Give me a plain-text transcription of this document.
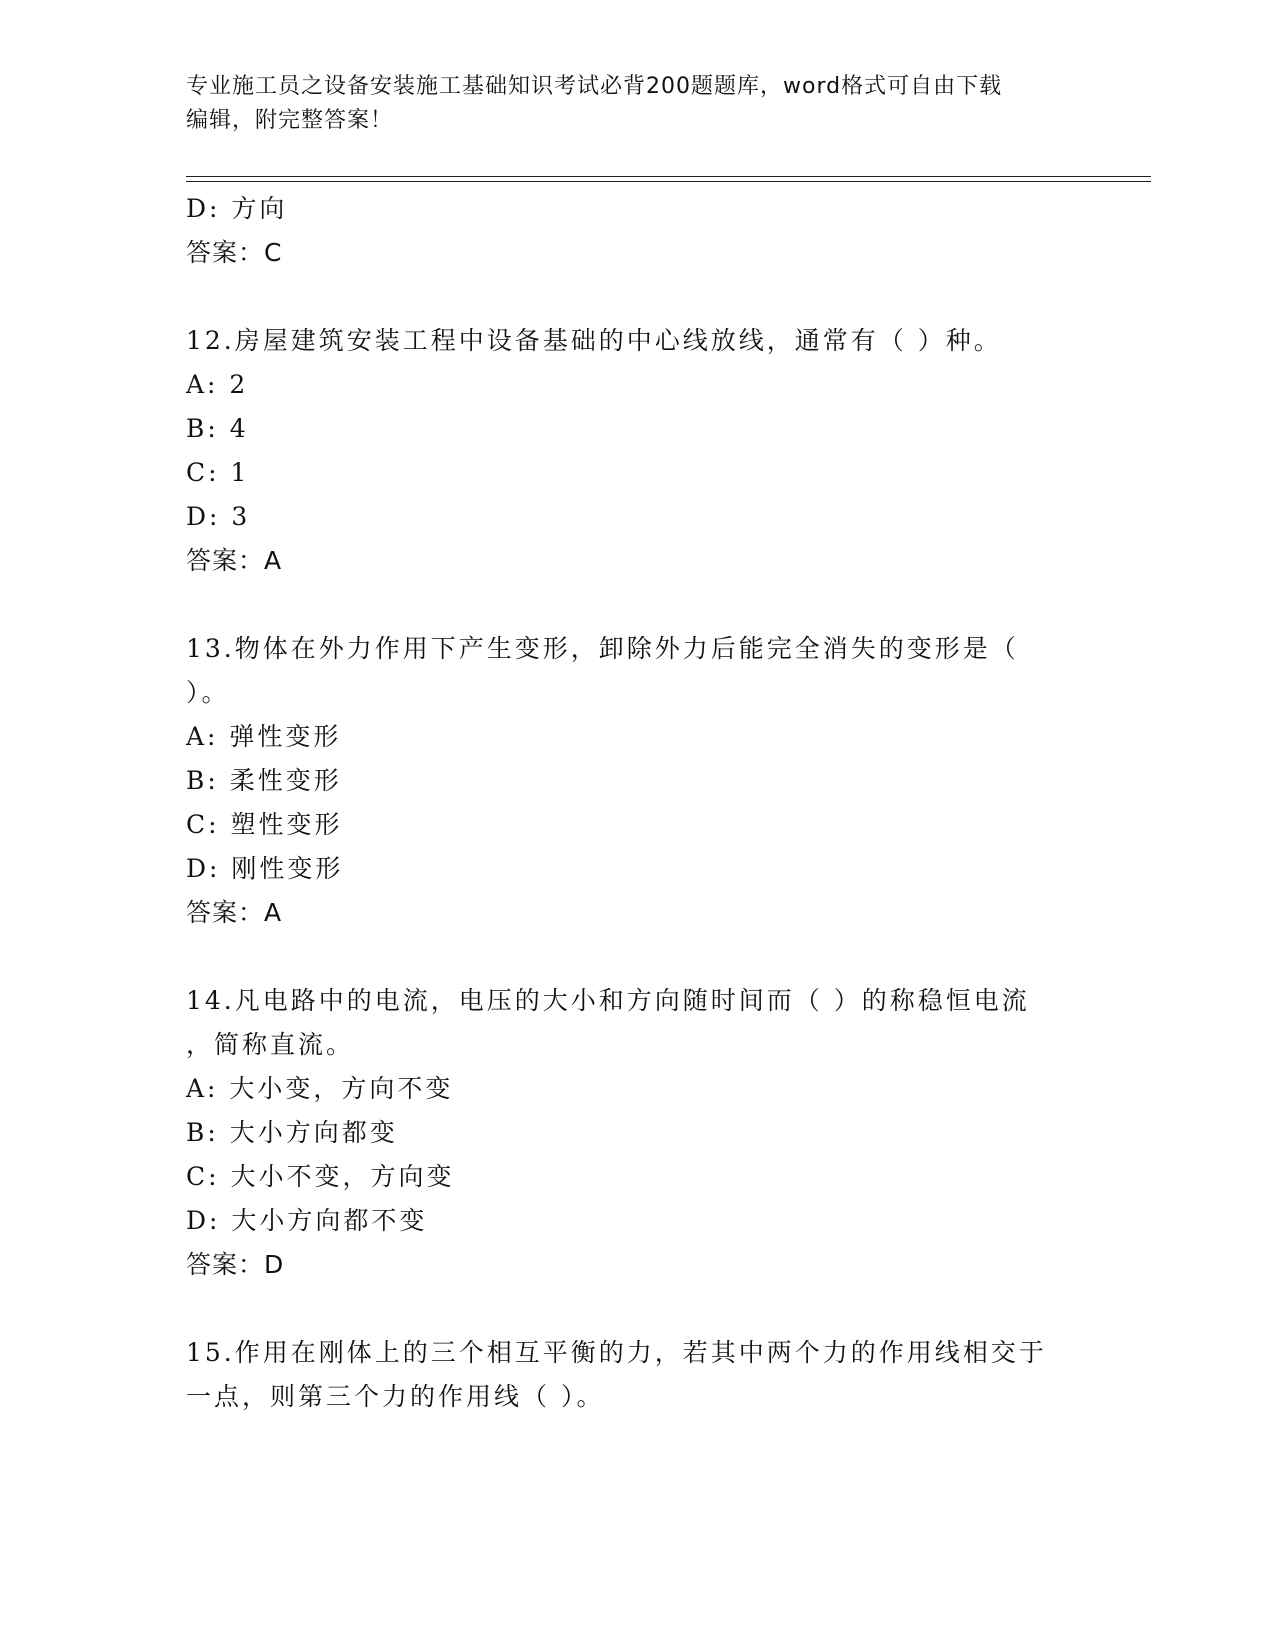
专业施工员之设备安装施工基础知识考试必背200题题库，word格式可自由下载
编辑，附完整答案！
D: 方向
答案：C
12.房屋建筑安装工程中设备基础的中心线放线，通常有（ ）种。
A: 2
B: 4
C: 1
D: 3
答案：A
13.物体在外力作用下产生变形，卸除外力后能完全消失的变形是（
）。
A: 弹性变形
B: 柔性变形
C: 塑性变形
D: 刚性变形
答案：A
14.凡电路中的电流，电压的大小和方向随时间而（ ）的称稳恒电流
，简称直流。
A: 大小变，方向不变
B: 大小方向都变
C: 大小不变，方向变
D: 大小方向都不变
答案：D
15.作用在刚体上的三个相互平衡的力，若其中两个力的作用线相交于
一点，则第三个力的作用线（ ）。
